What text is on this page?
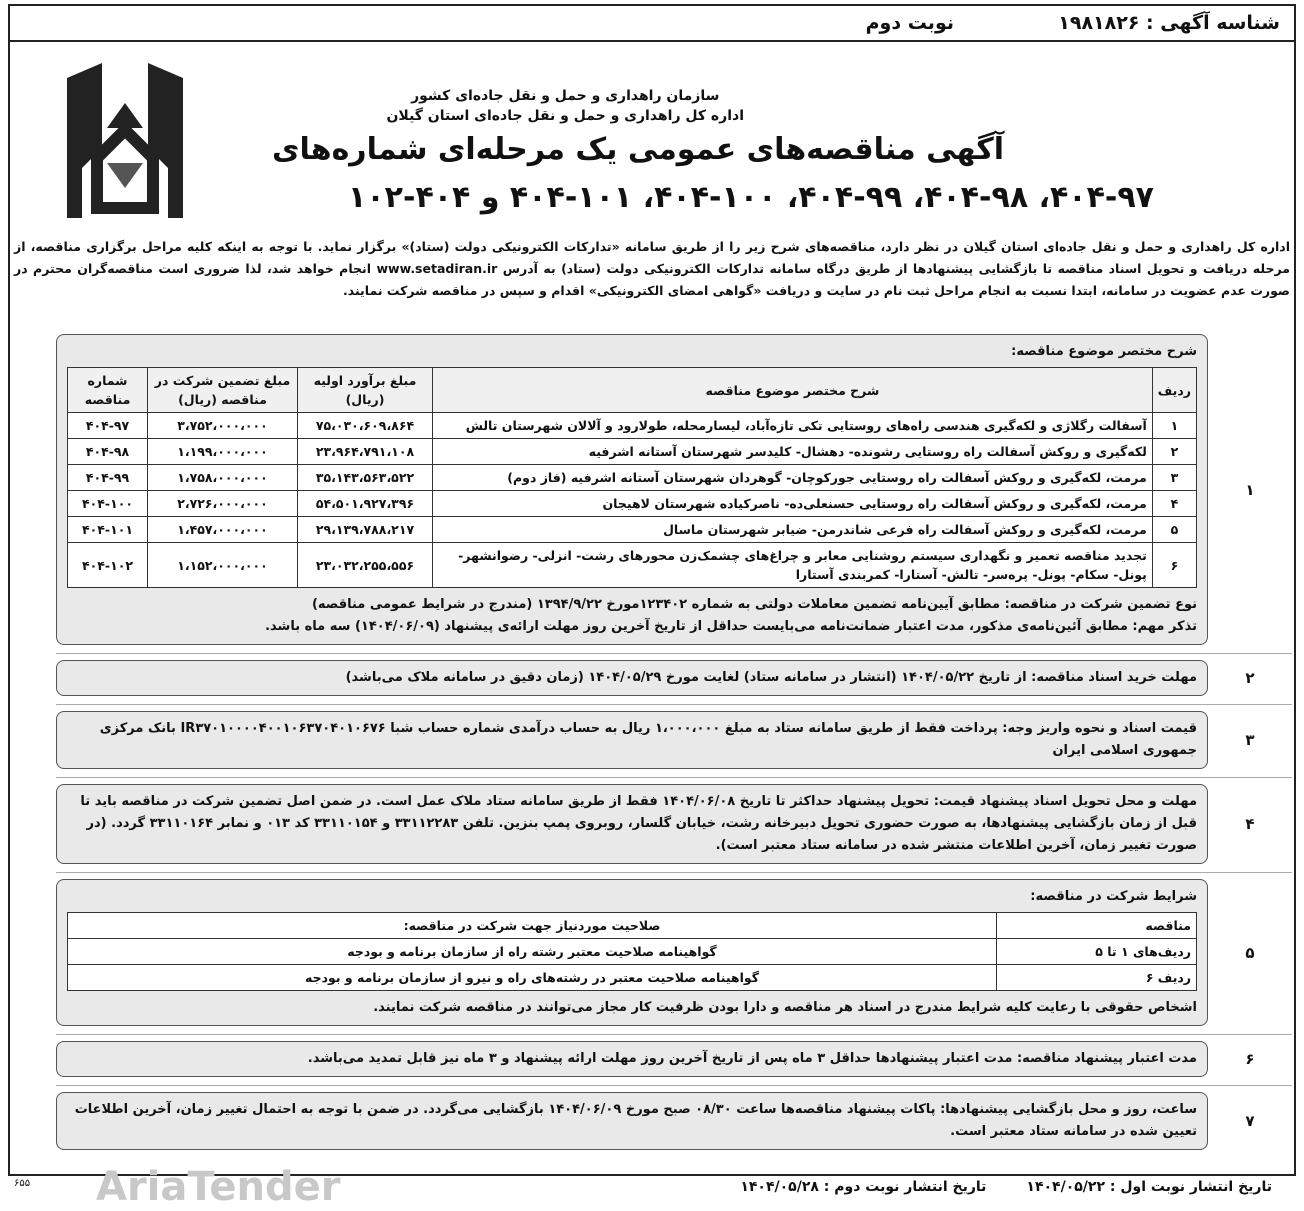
شناسه آگهی : ۱۹۸۱۸۲۶
نوبت دوم
سازمان راهداری و حمل و نقل جاده‌ای کشور
اداره کل راهداری و حمل و نقل جاده‌ای استان گیلان
آگهی مناقصه‌های عمومی یک مرحله‌ای شماره‌های
۴۰۴-۹۷، ۴۰۴-۹۸، ۴۰۴-۹۹، ۴۰۴-۱۰۰، ۴۰۴-۱۰۱ و ۴۰۴-۱۰۲
اداره کل راهداری و حمل و نقل جاده‌ای استان گیلان در نظر دارد، مناقصه‌های شرح زیر را از طریق سامانه «تدارکات الکترونیکی دولت (ستاد)» برگزار نماید. با توجه به اینکه کلیه مراحل برگزاری مناقصه، از مرحله دریافت و تحویل اسناد مناقصه تا بازگشایی پیشنهادها از طریق درگاه سامانه تدارکات الکترونیکی دولت (ستاد) به آدرس www.setadiran.ir انجام خواهد شد، لذا ضروری است مناقصه‌گران محترم در صورت عدم عضویت در سامانه، ابتدا نسبت به انجام مراحل ثبت نام در سایت و دریافت «گواهی امضای الکترونیکی» اقدام و سپس در مناقصه شرکت نمایند.
۱
شرح مختصر موضوع مناقصه:
ردیف	شرح مختصر موضوع مناقصه	مبلغ برآورد اولیه (ریال)	مبلغ تضمین شرکت در مناقصه (ریال)	شماره مناقصه
۱	آسفالت رگلاژی و لکه‌گیری هندسی راه‌های روستایی تکی تازه‌آباد، لیسارمحله، طولارود و آلالان شهرستان تالش	۷۵،۰۳۰،۶۰۹،۸۶۴	۳،۷۵۲،۰۰۰،۰۰۰	۴۰۴-۹۷
۲	لکه‌گیری و روکش آسفالت راه روستایی رشونده- دهشال- کلیدسر شهرستان آستانه اشرفیه	۲۳،۹۶۴،۷۹۱،۱۰۸	۱،۱۹۹،۰۰۰،۰۰۰	۴۰۴-۹۸
۳	مرمت، لکه‌گیری و روکش آسفالت راه روستایی جورکوچان- گوهردان شهرستان آستانه اشرفیه (فاز دوم)	۳۵،۱۴۳،۵۶۳،۵۲۲	۱،۷۵۸،۰۰۰،۰۰۰	۴۰۴-۹۹
۴	مرمت، لکه‌گیری و روکش آسفالت راه روستایی حسنعلی‌ده- ناصرکیاده شهرستان لاهیجان	۵۴،۵۰۱،۹۲۷،۳۹۶	۲،۷۲۶،۰۰۰،۰۰۰	۴۰۴-۱۰۰
۵	مرمت، لکه‌گیری و روکش آسفالت راه فرعی شاندرمن- ضیابر شهرستان ماسال	۲۹،۱۳۹،۷۸۸،۲۱۷	۱،۴۵۷،۰۰۰،۰۰۰	۴۰۴-۱۰۱
۶	تجدید مناقصه تعمیر و نگهداری سیستم روشنایی معابر و چراغ‌های چشمک‌زن محورهای رشت- انزلی- رضوانشهر- پونل- سکام- پونل- پره‌سر- تالش- آستارا- کمربندی آستارا	۲۳،۰۳۲،۲۵۵،۵۵۶	۱،۱۵۲،۰۰۰،۰۰۰	۴۰۴-۱۰۲
نوع تضمین شرکت در مناقصه: مطابق آیین‌نامه تضمین معاملات دولتی به شماره ۱۲۳۴۰۲مورخ ۱۳۹۴/۹/۲۲ (مندرج در شرایط عمومی مناقصه)
تذکر مهم: مطابق آئین‌نامه‌ی مذکور، مدت اعتبار ضمانت‌نامه می‌بایست حداقل از تاریخ آخرین روز مهلت ارائه‌ی پیشنهاد (۱۴۰۴/۰۶/۰۹) سه ماه باشد.
۲
مهلت خرید اسناد مناقصه: از تاریخ ۱۴۰۴/۰۵/۲۲ (انتشار در سامانه ستاد) لغایت مورخ ۱۴۰۴/۰۵/۲۹ (زمان دقیق در سامانه ملاک می‌باشد)
۳
قیمت اسناد و نحوه واریز وجه: پرداخت فقط از طریق سامانه ستاد به مبلغ ۱،۰۰۰،۰۰۰ ریال به حساب درآمدی شماره حساب شبا IR۳۷۰۱۰۰۰۰۴۰۰۱۰۶۳۷۰۴۰۱۰۶۷۶ بانک مرکزی جمهوری اسلامی ایران
۴
مهلت و محل تحویل اسناد پیشنهاد قیمت: تحویل پیشنهاد حداکثر تا تاریخ ۱۴۰۴/۰۶/۰۸ فقط از طریق سامانه ستاد ملاک عمل است. در ضمن اصل تضمین شرکت در مناقصه باید تا قبل از زمان بازگشایی پیشنهادها، به صورت حضوری تحویل دبیرخانه رشت، خیابان گلسار، روبروی پمپ بنزین. تلفن ۳۳۱۱۲۲۸۳ و ۳۳۱۱۰۱۵۴ کد ۰۱۳ و نمابر ۳۳۱۱۰۱۶۴ گردد. (در صورت تغییر زمان، آخرین اطلاعات منتشر شده در سامانه ستاد معتبر است).
۵
شرایط شرکت در مناقصه:
مناقصه	صلاحیت موردنیاز جهت شرکت در مناقصه:
ردیف‌های ۱ تا ۵	گواهینامه صلاحیت معتبر رشته راه از سازمان برنامه و بودجه
ردیف ۶	گواهینامه صلاحیت معتبر در رشته‌های راه و نیرو از سازمان برنامه و بودجه
اشخاص حقوقی با رعایت کلیه شرایط مندرج در اسناد هر مناقصه و دارا بودن ظرفیت کار مجاز می‌توانند در مناقصه شرکت نمایند.
۶
مدت اعتبار پیشنهاد مناقصه: مدت اعتبار پیشنهادها حداقل ۳ ماه پس از تاریخ آخرین روز مهلت ارائه پیشنهاد و ۳ ماه نیز قابل تمدید می‌باشد.
۷
ساعت، روز و محل بازگشایی پیشنهادها: پاکات پیشنهاد مناقصه‌ها ساعت ۰۸/۳۰ صبح مورخ ۱۴۰۴/۰۶/۰۹ بازگشایی می‌گردد. در ضمن با توجه به احتمال تغییر زمان، آخرین اطلاعات تعیین شده در سامانه ستاد معتبر است.
تاریخ انتشار نوبت اول : ۱۴۰۴/۰۵/۲۲
تاریخ انتشار نوبت دوم : ۱۴۰۴/۰۵/۲۸
AriaTender
۶۵۵
